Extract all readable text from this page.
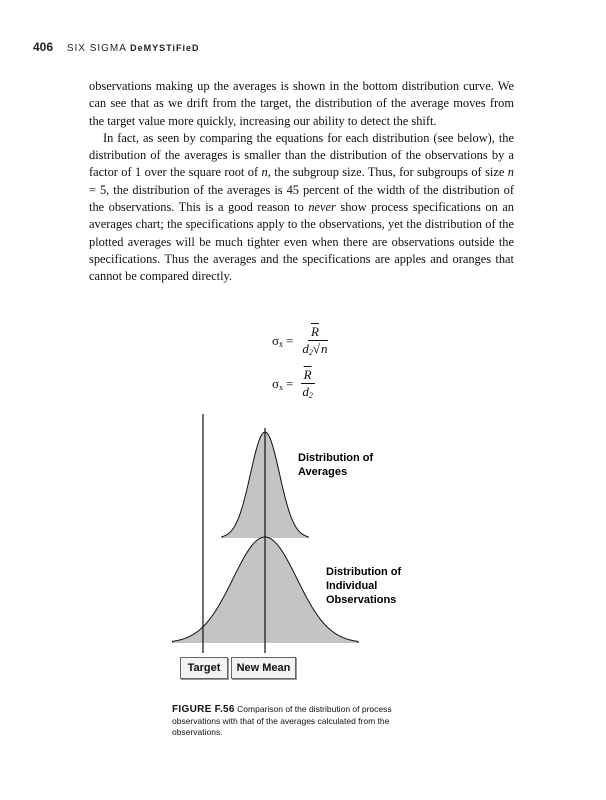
406 SIX SIGMA DeMYSTiFieD

observations making up the averages is shown in the bottom distribution curve. We can see that as we drift from the target, the distribution of the average moves from the target value more quickly, increasing our ability to detect the shift.

In fact, as seen by comparing the equations for each distribution (see below), the distribution of the averages is smaller than the distribution of the observations by a factor of 1 over the square root of n, the subgroup size. Thus, for subgroups of size n = 5, the distribution of the averages is 45 percent of the width of the distribution of the observations. This is a good reason to never show process specifications on an averages chart; the specifications apply to the observations, yet the distribution of the plotted averages will be much tighter even when there are observations outside the specifications. Thus the averages and the specifications are apples and oranges that cannot be compared directly.

σ x̄ = $\frac{\overline{R}}{d2√n}$
σ $x = \frac{\overline{R}}{d2}$
Distribution of
Averages
Distribution of
Individual
Observations
Target	New Mean
FIGURE F.56 Comparison of the distribution of process observations with that of the averages calculated from the observations.
